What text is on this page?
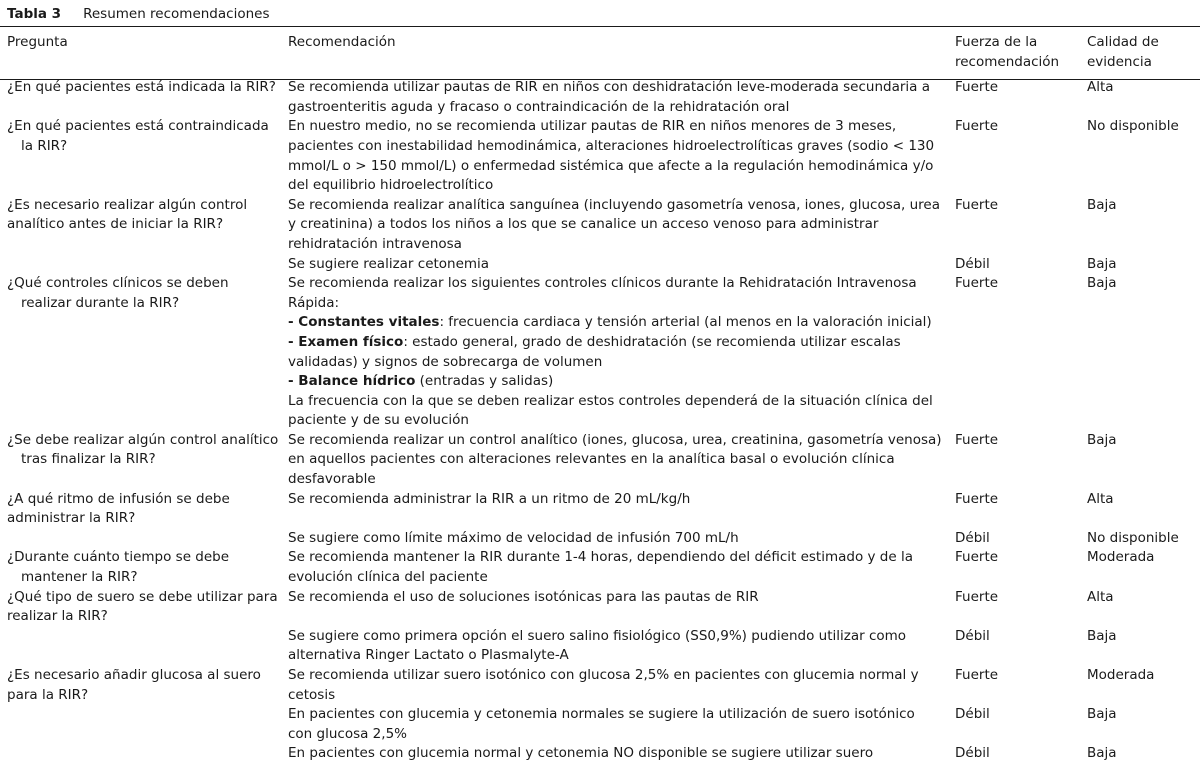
Tabla 3 Resumen recomendaciones
Pregunta	Recomendación	Fuerza de la recomendación	Calidad de evidencia

¿En qué pacientes está indicada la RIR?	Se recomienda utilizar pautas de RIR en niños con deshidratación leve-moderada secundaria a gastroenteritis aguda y fracaso o contraindicación de la rehidratación oral	Fuerte	Alta

¿En qué pacientes está contraindicada la RIR?	En nuestro medio, no se recomienda utilizar pautas de RIR en niños menores de 3 meses, pacientes con inestabilidad hemodinámica, alteraciones hidroelectrolíticas graves (sodio < 130 mmol/L o > 150 mmol/L) o enfermedad sistémica que afecte a la regulación hemodinámica y/o del equilibrio hidroelectrolítico	Fuerte	No disponible
¿Es necesario realizar algún control analítico antes de iniciar la RIR?	Se recomienda realizar analítica sanguínea (incluyendo gasometría venosa, iones, glucosa, urea y creatinina) a todos los niños a los que se canalice un acceso venoso para administrar rehidratación intravenosa	Fuerte	Baja
	Se sugiere realizar cetonemia	Débil	Baja

¿Qué controles clínicos se deben realizar durante la RIR?	Se recomienda realizar los siguientes controles clínicos durante la Rehidratación Intravenosa Rápida:
- Constantes vitales: frecuencia cardiaca y tensión arterial (al menos en la valoración inicial)
- Examen físico: estado general, grado de deshidratación (se recomienda utilizar escalas validadas) y signos de sobrecarga de volumen
- Balance hídrico (entradas y salidas)
La frecuencia con la que se deben realizar estos controles dependerá de la situación clínica del paciente y de su evolución	Fuerte	Baja

¿Se debe realizar algún control analítico tras finalizar la RIR?	Se recomienda realizar un control analítico (iones, glucosa, urea, creatinina, gasometría venosa) en aquellos pacientes con alteraciones relevantes en la analítica basal o evolución clínica desfavorable	Fuerte	Baja
¿A qué ritmo de infusión se debe administrar la RIR?	Se recomienda administrar la RIR a un ritmo de 20 mL/kg/h	Fuerte	Alta
	Se sugiere como límite máximo de velocidad de infusión 700 mL/h	Débil	No disponible

¿Durante cuánto tiempo se debe mantener la RIR?	Se recomienda mantener la RIR durante 1-4 horas, dependiendo del déficit estimado y de la evolución clínica del paciente	Fuerte	Moderada
¿Qué tipo de suero se debe utilizar para realizar la RIR?	Se recomienda el uso de soluciones isotónicas para las pautas de RIR	Fuerte	Alta
	Se sugiere como primera opción el suero salino fisiológico (SS0,9%) pudiendo utilizar como alternativa Ringer Lactato o Plasmalyte-A	Débil	Baja
¿Es necesario añadir glucosa al suero para la RIR?	Se recomienda utilizar suero isotónico con glucosa 2,5% en pacientes con glucemia normal y cetosis	Fuerte	Moderada
	En pacientes con glucemia y cetonemia normales se sugiere la utilización de suero isotónico con glucosa 2,5%	Débil	Baja
	En pacientes con glucemia normal y cetonemia NO disponible se sugiere utilizar suero	Débil	Baja
